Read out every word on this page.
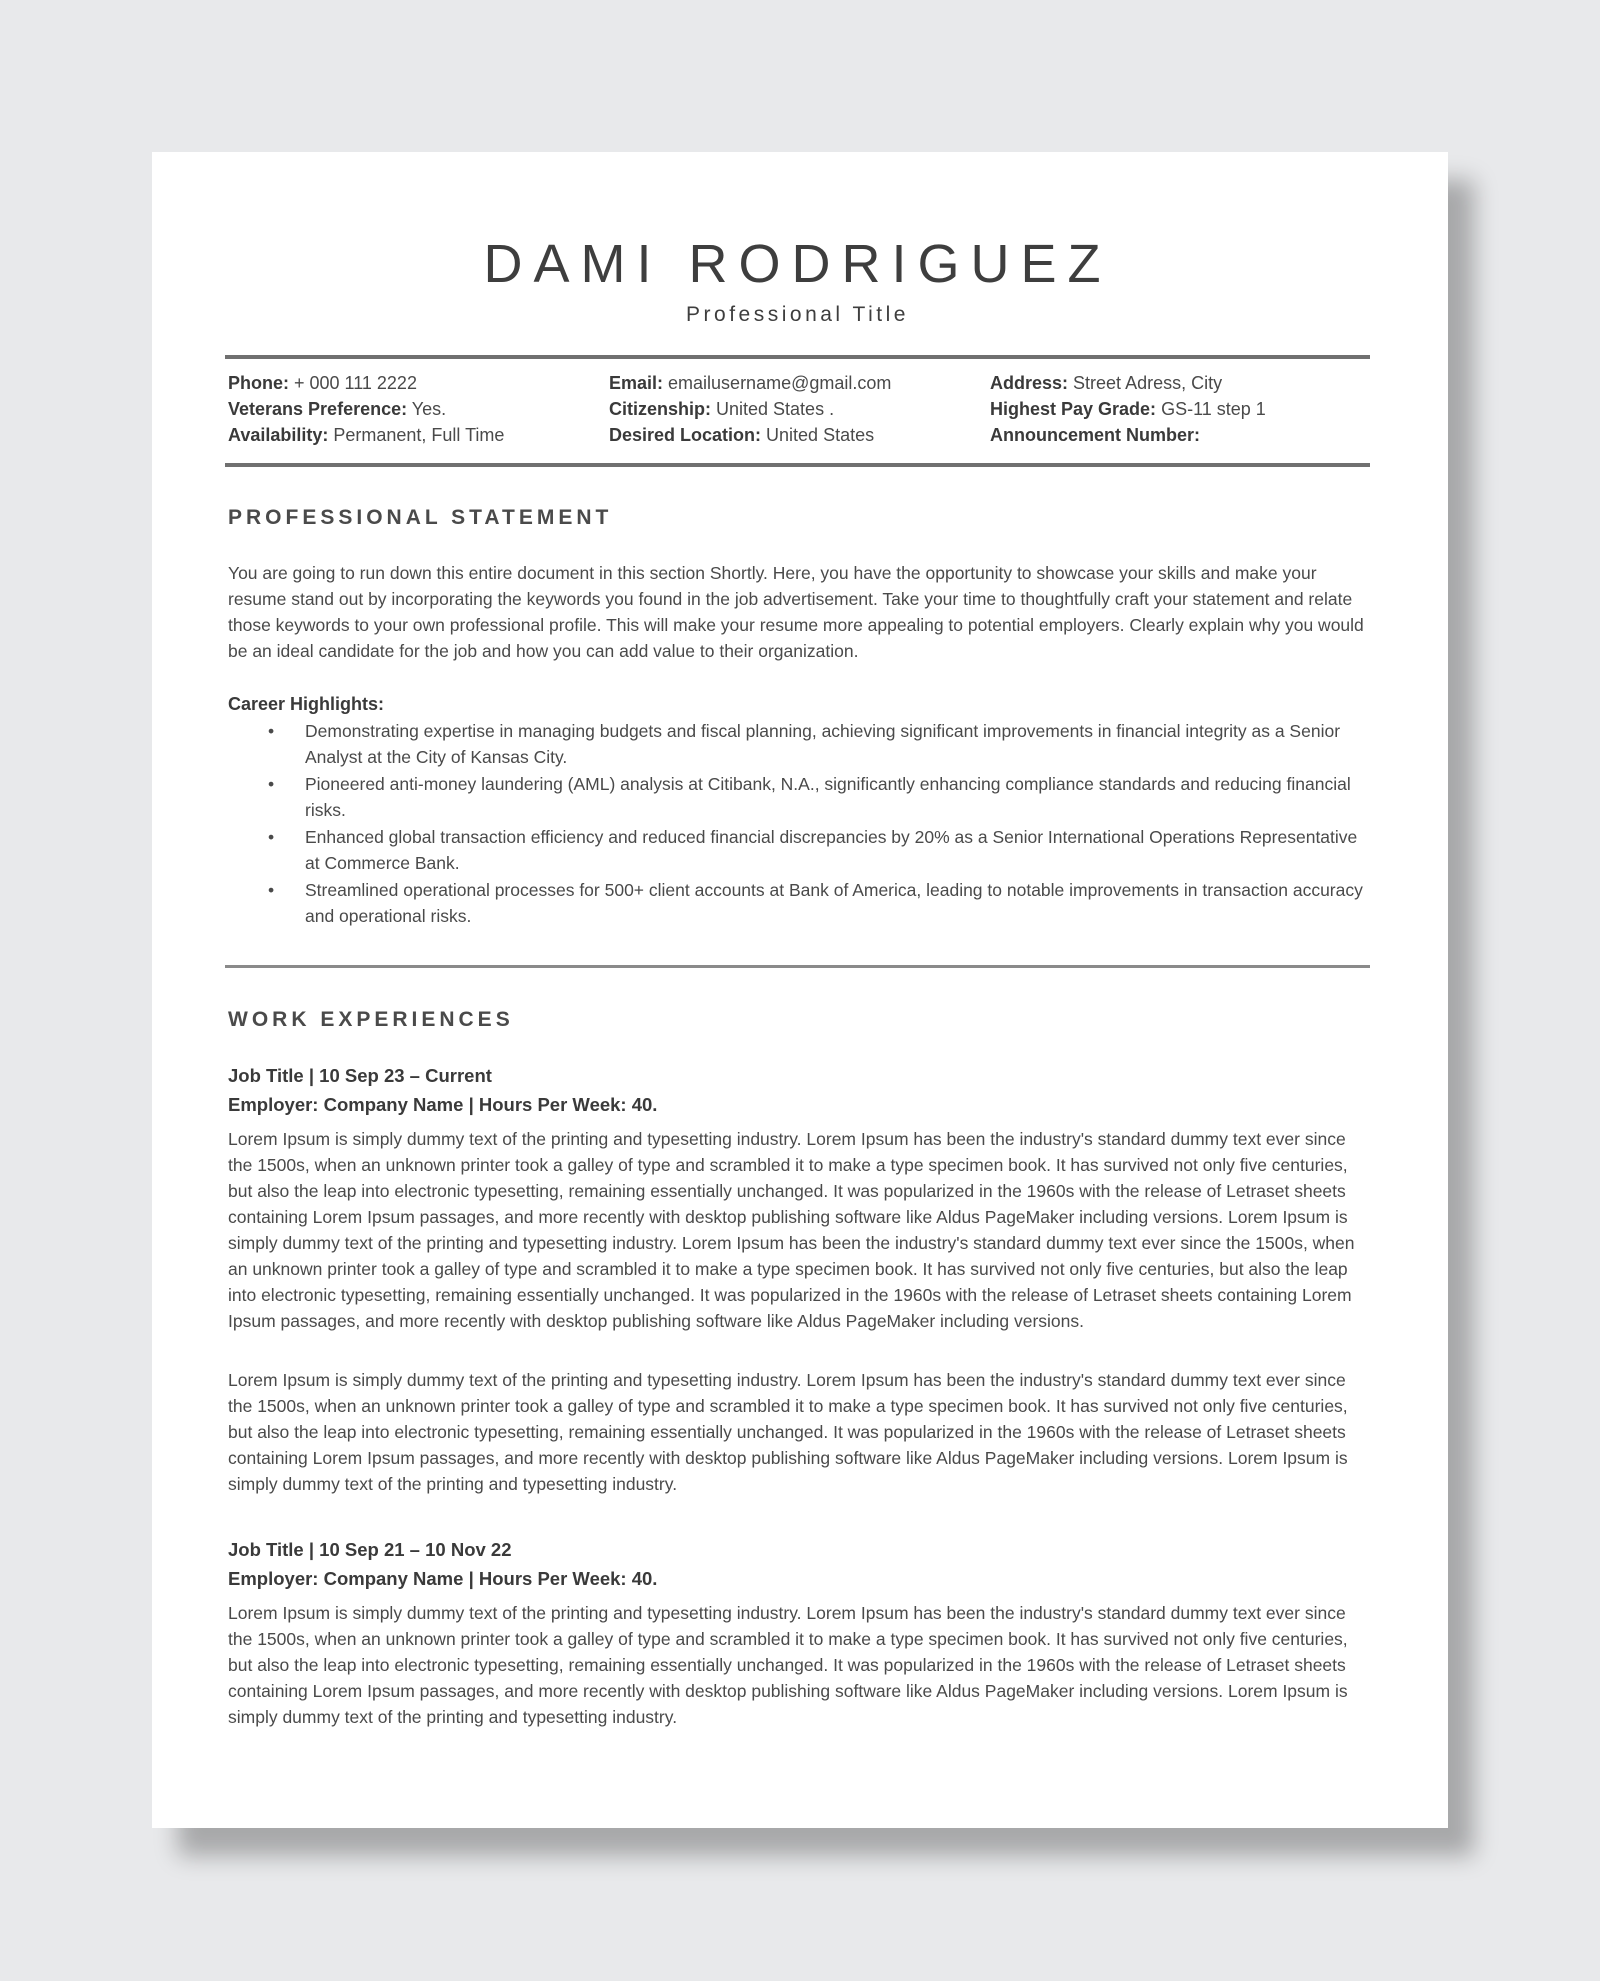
DAMI RODRIGUEZ
Professional Title
Phone: + 000 111 2222
Veterans Preference: Yes.
Availability: Permanent, Full Time
Email: emailusername@gmail.com
Citizenship: United States .
Desired Location: United States
Address: Street Adress, City
Highest Pay Grade: GS-11 step 1
Announcement Number:
PROFESSIONAL STATEMENT
You are going to run down this entire document in this section Shortly. Here, you have the opportunity to showcase your skills and make your resume stand out by incorporating the keywords you found in the job advertisement. Take your time to thoughtfully craft your statement and relate those keywords to your own professional profile. This will make your resume more appealing to potential employers. Clearly explain why you would be an ideal candidate for the job and how you can add value to their organization.
Career Highlights:
• Demonstrating expertise in managing budgets and fiscal planning, achieving significant improvements in financial integrity as a Senior Analyst at the City of Kansas City.
• Pioneered anti-money laundering (AML) analysis at Citibank, N.A., significantly enhancing compliance standards and reducing financial risks.
• Enhanced global transaction efficiency and reduced financial discrepancies by 20% as a Senior International Operations Representative at Commerce Bank.
• Streamlined operational processes for 500+ client accounts at Bank of America, leading to notable improvements in transaction accuracy and operational risks.
WORK EXPERIENCES
Job Title | 10 Sep 23 – Current
Employer: Company Name | Hours Per Week: 40.
Lorem Ipsum is simply dummy text of the printing and typesetting industry. Lorem Ipsum has been the industry's standard dummy text ever since the 1500s, when an unknown printer took a galley of type and scrambled it to make a type specimen book. It has survived not only five centuries, but also the leap into electronic typesetting, remaining essentially unchanged. It was popularized in the 1960s with the release of Letraset sheets containing Lorem Ipsum passages, and more recently with desktop publishing software like Aldus PageMaker including versions. Lorem Ipsum is simply dummy text of the printing and typesetting industry. Lorem Ipsum has been the industry's standard dummy text ever since the 1500s, when an unknown printer took a galley of type and scrambled it to make a type specimen book. It has survived not only five centuries, but also the leap into electronic typesetting, remaining essentially unchanged. It was popularized in the 1960s with the release of Letraset sheets containing Lorem Ipsum passages, and more recently with desktop publishing software like Aldus PageMaker including versions.
Lorem Ipsum is simply dummy text of the printing and typesetting industry. Lorem Ipsum has been the industry's standard dummy text ever since the 1500s, when an unknown printer took a galley of type and scrambled it to make a type specimen book. It has survived not only five centuries, but also the leap into electronic typesetting, remaining essentially unchanged. It was popularized in the 1960s with the release of Letraset sheets containing Lorem Ipsum passages, and more recently with desktop publishing software like Aldus PageMaker including versions. Lorem Ipsum is simply dummy text of the printing and typesetting industry.
Job Title | 10 Sep 21 – 10 Nov 22
Employer: Company Name | Hours Per Week: 40.
Lorem Ipsum is simply dummy text of the printing and typesetting industry. Lorem Ipsum has been the industry's standard dummy text ever since the 1500s, when an unknown printer took a galley of type and scrambled it to make a type specimen book. It has survived not only five centuries, but also the leap into electronic typesetting, remaining essentially unchanged. It was popularized in the 1960s with the release of Letraset sheets containing Lorem Ipsum passages, and more recently with desktop publishing software like Aldus PageMaker including versions. Lorem Ipsum is simply dummy text of the printing and typesetting industry.
